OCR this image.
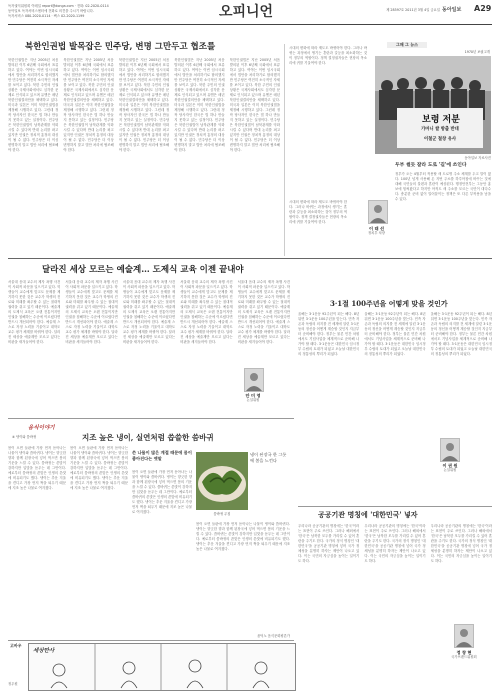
독자권익위원회 이메일 report@donga.com · 전화: 02-2020-0114
동아일보 독자서비스센터에 전화로 의견을 주시기 바랍니다.
독자서비스 080-2020-0114 · 팩스 02-2020-1199	오피니언	제 28597호 2011년 3월 4일 금요일 동아일보	A29
북한인권법 발목잡은 민주당, 변명 그만두고 협조를
북한인권법은 지난 2005년 처음 발의된 이후 6년째 국회에서 표류하고 있다. 여야는 이번 임시국회에서 법안을 처리하기로 합의했지만 민주당은 여전히 소극적인 자세를 보이고 있다. 북한 주민의 인권 상황은 국제사회에서도 심각한 문제로 인식되고 있으며 유엔은 매년 북한인권결의안을 채택하고 있다. 미국과 일본은 이미 북한인권법을 제정해 시행하고 있다. 그런데 정작 당사자인 한국은 법 하나 만들지 못하고 있는 실정이다. 민주당은 북한인권법이 남북관계를 악화시킬 수 있다며 반대 논리를 펴고 있지만 인권은 정치적 흥정의 대상이 될 수 없다. 민주당은 더 이상 변명하지 말고 법안 처리에 협조해야 한다.
북한인권법은 지난 2005년 처음 발의된 이후 6년째 국회에서 표류하고 있다. 여야는 이번 임시국회에서 법안을 처리하기로 합의했지만 민주당은 여전히 소극적인 자세를 보이고 있다. 북한 주민의 인권 상황은 국제사회에서도 심각한 문제로 인식되고 있으며 유엔은 매년 북한인권결의안을 채택하고 있다. 미국과 일본은 이미 북한인권법을 제정해 시행하고 있다. 그런데 정작 당사자인 한국은 법 하나 만들지 못하고 있는 실정이다. 민주당은 북한인권법이 남북관계를 악화시킬 수 있다며 반대 논리를 펴고 있지만 인권은 정치적 흥정의 대상이 될 수 없다. 민주당은 더 이상 변명하지 말고 법안 처리에 협조해야 한다.
북한인권법은 지난 2005년 처음 발의된 이후 6년째 국회에서 표류하고 있다. 여야는 이번 임시국회에서 법안을 처리하기로 합의했지만 민주당은 여전히 소극적인 자세를 보이고 있다. 북한 주민의 인권 상황은 국제사회에서도 심각한 문제로 인식되고 있으며 유엔은 매년 북한인권결의안을 채택하고 있다. 미국과 일본은 이미 북한인권법을 제정해 시행하고 있다. 그런데 정작 당사자인 한국은 법 하나 만들지 못하고 있는 실정이다. 민주당은 북한인권법이 남북관계를 악화시킬 수 있다며 반대 논리를 펴고 있지만 인권은 정치적 흥정의 대상이 될 수 없다. 민주당은 더 이상 변명하지 말고 법안 처리에 협조해야 한다.
북한인권법은 지난 2005년 처음 발의된 이후 6년째 국회에서 표류하고 있다. 여야는 이번 임시국회에서 법안을 처리하기로 합의했지만 민주당은 여전히 소극적인 자세를 보이고 있다. 북한 주민의 인권 상황은 국제사회에서도 심각한 문제로 인식되고 있으며 유엔은 매년 북한인권결의안을 채택하고 있다. 미국과 일본은 이미 북한인권법을 제정해 시행하고 있다. 그런데 정작 당사자인 한국은 법 하나 만들지 못하고 있는 실정이다. 민주당은 북한인권법이 남북관계를 악화시킬 수 있다며 반대 논리를 펴고 있지만 인권은 정치적 흥정의 대상이 될 수 없다. 민주당은 더 이상 변명하지 말고 법안 처리에 협조해야 한다.
북한인권법은 지난 2005년 처음 발의된 이후 6년째 국회에서 표류하고 있다. 여야는 이번 임시국회에서 법안을 처리하기로 합의했지만 민주당은 여전히 소극적인 자세를 보이고 있다. 북한 주민의 인권 상황은 국제사회에서도 심각한 문제로 인식되고 있으며 유엔은 매년 북한인권결의안을 채택하고 있다. 미국과 일본은 이미 북한인권법을 제정해 시행하고 있다. 그런데 정작 당사자인 한국은 법 하나 만들지 못하고 있는 실정이다. 민주당은 북한인권법이 남북관계를 악화시킬 수 있다며 반대 논리를 펴고 있지만 인권은 정치적 흥정의 대상이 될 수 없다. 민주당은 더 이상 변명하지 말고 법안 처리에 협조해야 한다.
이 태 선
정치부 차장
그때 그 뉴스
1970년 보릿고개
보령 저분
가마니 쌀 방출 반대
이철군 철창 유사
동아일보 자료사진
시대의 변화에 따라 제도도 바뀌어야 한다. 그러나 바뀌는 과정에서 생기는 혼란과 갈등을 최소화하는 것이 정부의 역할이다. 정책 결정권자들은 현장의 목소리에 귀를 기울여야 한다.
시대의 변화에 따라 제도도 바뀌어야 한다. 그러나 바뀌는 과정에서 생기는 혼란과 갈등을 최소화하는 것이 정부의 역할이다. 정책 결정권자들은 현장의 목소리에 귀를 기울여야 한다.
두부 썰듯 잘라 도로 '길'에 쓰인다
정부가 오는 4월부터 적용할 새 도로명 주소 체계를 두고 말이 많다. 100년 넘게 사용해 온 지번 주소를 하루아침에 바꾸는 것에 대해 국민들의 불편과 혼란이 예상된다. 행정안전부는 그동안 홍보에 힘써왔다고 하지만 아직도 새 주소를 모르는 국민이 대다수다. 충분한 준비 없이 밀어붙이는 정책은 또 다른 부작용을 낳을 수 있다.
달라진 세상 모르는 예술계… 도제식 교육 이젠 끝내야
서울대 음대 교수의 제자 폭행 사건이 사회적 파문을 일으키고 있다. 학생들이 교수에게 맞고도 문제를 제기하지 못한 것은 교수가 학생의 진로와 미래를 좌우할 수 있는 절대적 권력을 쥐고 있기 때문이다. 예술계의 도제식 교육은 오랜 전통이지만 인권을 침해하는 수준에 이르렀다면 반드시 개선되어야 한다. 예술계 스스로 자정 노력을 기울이고 대학도 교수 평가 체계를 바꿔야 한다. 달라진 세상을 예술계만 모르고 있다는 비판을 새겨들어야 한다.
서울대 음대 교수의 제자 폭행 사건이 사회적 파문을 일으키고 있다. 학생들이 교수에게 맞고도 문제를 제기하지 못한 것은 교수가 학생의 진로와 미래를 좌우할 수 있는 절대적 권력을 쥐고 있기 때문이다. 예술계의 도제식 교육은 오랜 전통이지만 인권을 침해하는 수준에 이르렀다면 반드시 개선되어야 한다. 예술계 스스로 자정 노력을 기울이고 대학도 교수 평가 체계를 바꿔야 한다. 달라진 세상을 예술계만 모르고 있다는 비판을 새겨들어야 한다.
서울대 음대 교수의 제자 폭행 사건이 사회적 파문을 일으키고 있다. 학생들이 교수에게 맞고도 문제를 제기하지 못한 것은 교수가 학생의 진로와 미래를 좌우할 수 있는 절대적 권력을 쥐고 있기 때문이다. 예술계의 도제식 교육은 오랜 전통이지만 인권을 침해하는 수준에 이르렀다면 반드시 개선되어야 한다. 예술계 스스로 자정 노력을 기울이고 대학도 교수 평가 체계를 바꿔야 한다. 달라진 세상을 예술계만 모르고 있다는 비판을 새겨들어야 한다.
서울대 음대 교수의 제자 폭행 사건이 사회적 파문을 일으키고 있다. 학생들이 교수에게 맞고도 문제를 제기하지 못한 것은 교수가 학생의 진로와 미래를 좌우할 수 있는 절대적 권력을 쥐고 있기 때문이다. 예술계의 도제식 교육은 오랜 전통이지만 인권을 침해하는 수준에 이르렀다면 반드시 개선되어야 한다. 예술계 스스로 자정 노력을 기울이고 대학도 교수 평가 체계를 바꿔야 한다. 달라진 세상을 예술계만 모르고 있다는 비판을 새겨들어야 한다.
서울대 음대 교수의 제자 폭행 사건이 사회적 파문을 일으키고 있다. 학생들이 교수에게 맞고도 문제를 제기하지 못한 것은 교수가 학생의 진로와 미래를 좌우할 수 있는 절대적 권력을 쥐고 있기 때문이다. 예술계의 도제식 교육은 오랜 전통이지만 인권을 침해하는 수준에 이르렀다면 반드시 개선되어야 한다. 예술계 스스로 자정 노력을 기울이고 대학도 교수 평가 체계를 바꿔야 한다. 달라진 세상을 예술계만 모르고 있다는 비판을 새겨들어야 한다.
안 미 영
논설위원
3·1절 100주년을 어떻게 맞을 것인가
올해는 3·1운동 92주년이 되는 해다. 8년 뒤면 3·1운동 100주년을 맞는다. 민족 자존과 독립의 의지를 전 세계에 알린 3·1운동의 정신을 어떻게 계승할 것인지 지금부터 준비해야 한다. 정부는 물론 민간 차원에서도 기념사업을 체계적으로 준비해 나가야 할 때다. 3·1운동은 대한민국 임시정부 수립의 토대가 되었고 오늘날 대한민국의 정통성의 뿌리가 되었다.
올해는 3·1운동 92주년이 되는 해다. 8년 뒤면 3·1운동 100주년을 맞는다. 민족 자존과 독립의 의지를 전 세계에 알린 3·1운동의 정신을 어떻게 계승할 것인지 지금부터 준비해야 한다. 정부는 물론 민간 차원에서도 기념사업을 체계적으로 준비해 나가야 할 때다. 3·1운동은 대한민국 임시정부 수립의 토대가 되었고 오늘날 대한민국의 정통성의 뿌리가 되었다.
올해는 3·1운동 92주년이 되는 해다. 8년 뒤면 3·1운동 100주년을 맞는다. 민족 자존과 독립의 의지를 전 세계에 알린 3·1운동의 정신을 어떻게 계승할 것인지 지금부터 준비해야 한다. 정부는 물론 민간 차원에서도 기념사업을 체계적으로 준비해 나가야 할 때다. 3·1운동은 대한민국 임시정부 수립의 토대가 되었고 오늘날 대한민국의 정통성의 뿌리가 되었다.
이 권 원
논설위원
음식이야기
④ 냉이와 씀바귀	지조 높은 냉이, 실연처럼 씁쓸한 씀바귀
봄이 오면 들판에 가장 먼저 돋아나는 나물이 냉이와 씀바귀다. 냉이는 향긋한 향과 함께 된장국에 넣어 먹으면 봄의 기운을 느낄 수 있다. 씀바귀는 쓴맛이 강하지만 입맛을 돋우는 데 그만이다. 예로부터 씀바귀의 쓴맛은 인생의 쓴맛에 비유되기도 했다. 냉이는 추운 겨울을 견디고 가장 먼저 싹을 틔우기 때문에 지조 높은 나물로 여겨졌다.
봄이 오면 들판에 가장 먼저 돋아나는 나물이 냉이와 씀바귀다. 냉이는 향긋한 향과 함께 된장국에 넣어 먹으면 봄의 기운을 느낄 수 있다. 씀바귀는 쓴맛이 강하지만 입맛을 돋우는 데 그만이다. 예로부터 씀바귀의 쓴맛은 인생의 쓴맛에 비유되기도 했다. 냉이는 추운 겨울을 견디고 가장 먼저 싹을 틔우기 때문에 지조 높은 나물로 여겨졌다.
쓴 나물이 많은 계절 때문에 몸이 좋아진다는 옛말
봄이 오면 들판에 가장 먼저 돋아나는 나물이 냉이와 씀바귀다. 냉이는 향긋한 향과 함께 된장국에 넣어 먹으면 봄의 기운을 느낄 수 있다. 씀바귀는 쓴맛이 강하지만 입맛을 돋우는 데 그만이다. 예로부터 씀바귀의 쓴맛은 인생의 쓴맛에 비유되기도 했다. 냉이는 추운 겨울을 견디고 가장 먼저 싹을 틔우기 때문에 지조 높은 나물로 여겨졌다.	씀바귀 무침
냉이 된장국 한 그릇에 봄을 느낀다
봄이 오면 들판에 가장 먼저 돋아나는 나물이 냉이와 씀바귀다. 냉이는 향긋한 향과 함께 된장국에 넣어 먹으면 봄의 기운을 느낄 수 있다. 씀바귀는 쓴맛이 강하지만 입맛을 돋우는 데 그만이다. 예로부터 씀바귀의 쓴맛은 인생의 쓴맛에 비유되기도 했다. 냉이는 추운 겨울을 견디고 가장 먼저 싹을 틔우기 때문에 지조 높은 나물로 여겨졌다.
윤덕노 음식문화평론가
공공기관 명칭에 '대한민국' 넣자
우리나라 공공기관의 명칭에는 '한국'이라는 표현이 주로 쓰인다. 그러나 해외에서 '한국'은 남북한 모두를 가리킬 수 있어 혼란을 주기도 한다. 국가의 정식 명칭인 '대한민국'을 공공기관 명칭에 넣어 국가 정체성을 분명히 하자는 제안이 나오고 있다. 이는 국민의 자긍심을 높이는 일이기도 하다.
우리나라 공공기관의 명칭에는 '한국'이라는 표현이 주로 쓰인다. 그러나 해외에서 '한국'은 남북한 모두를 가리킬 수 있어 혼란을 주기도 한다. 국가의 정식 명칭인 '대한민국'을 공공기관 명칭에 넣어 국가 정체성을 분명히 하자는 제안이 나오고 있다. 이는 국민의 자긍심을 높이는 일이기도 하다.
우리나라 공공기관의 명칭에는 '한국'이라는 표현이 주로 쓰인다. 그러나 해외에서 '한국'은 남북한 모두를 가리킬 수 있어 혼란을 주기도 한다. 국가의 정식 명칭인 '대한민국'을 공공기관 명칭에 넣어 국가 정체성을 분명히 하자는 제안이 나오고 있다. 이는 국민의 자긍심을 높이는 일이기도 하다.
정 창 현
국가브랜드위원회
고바우
세상만사
정우원
